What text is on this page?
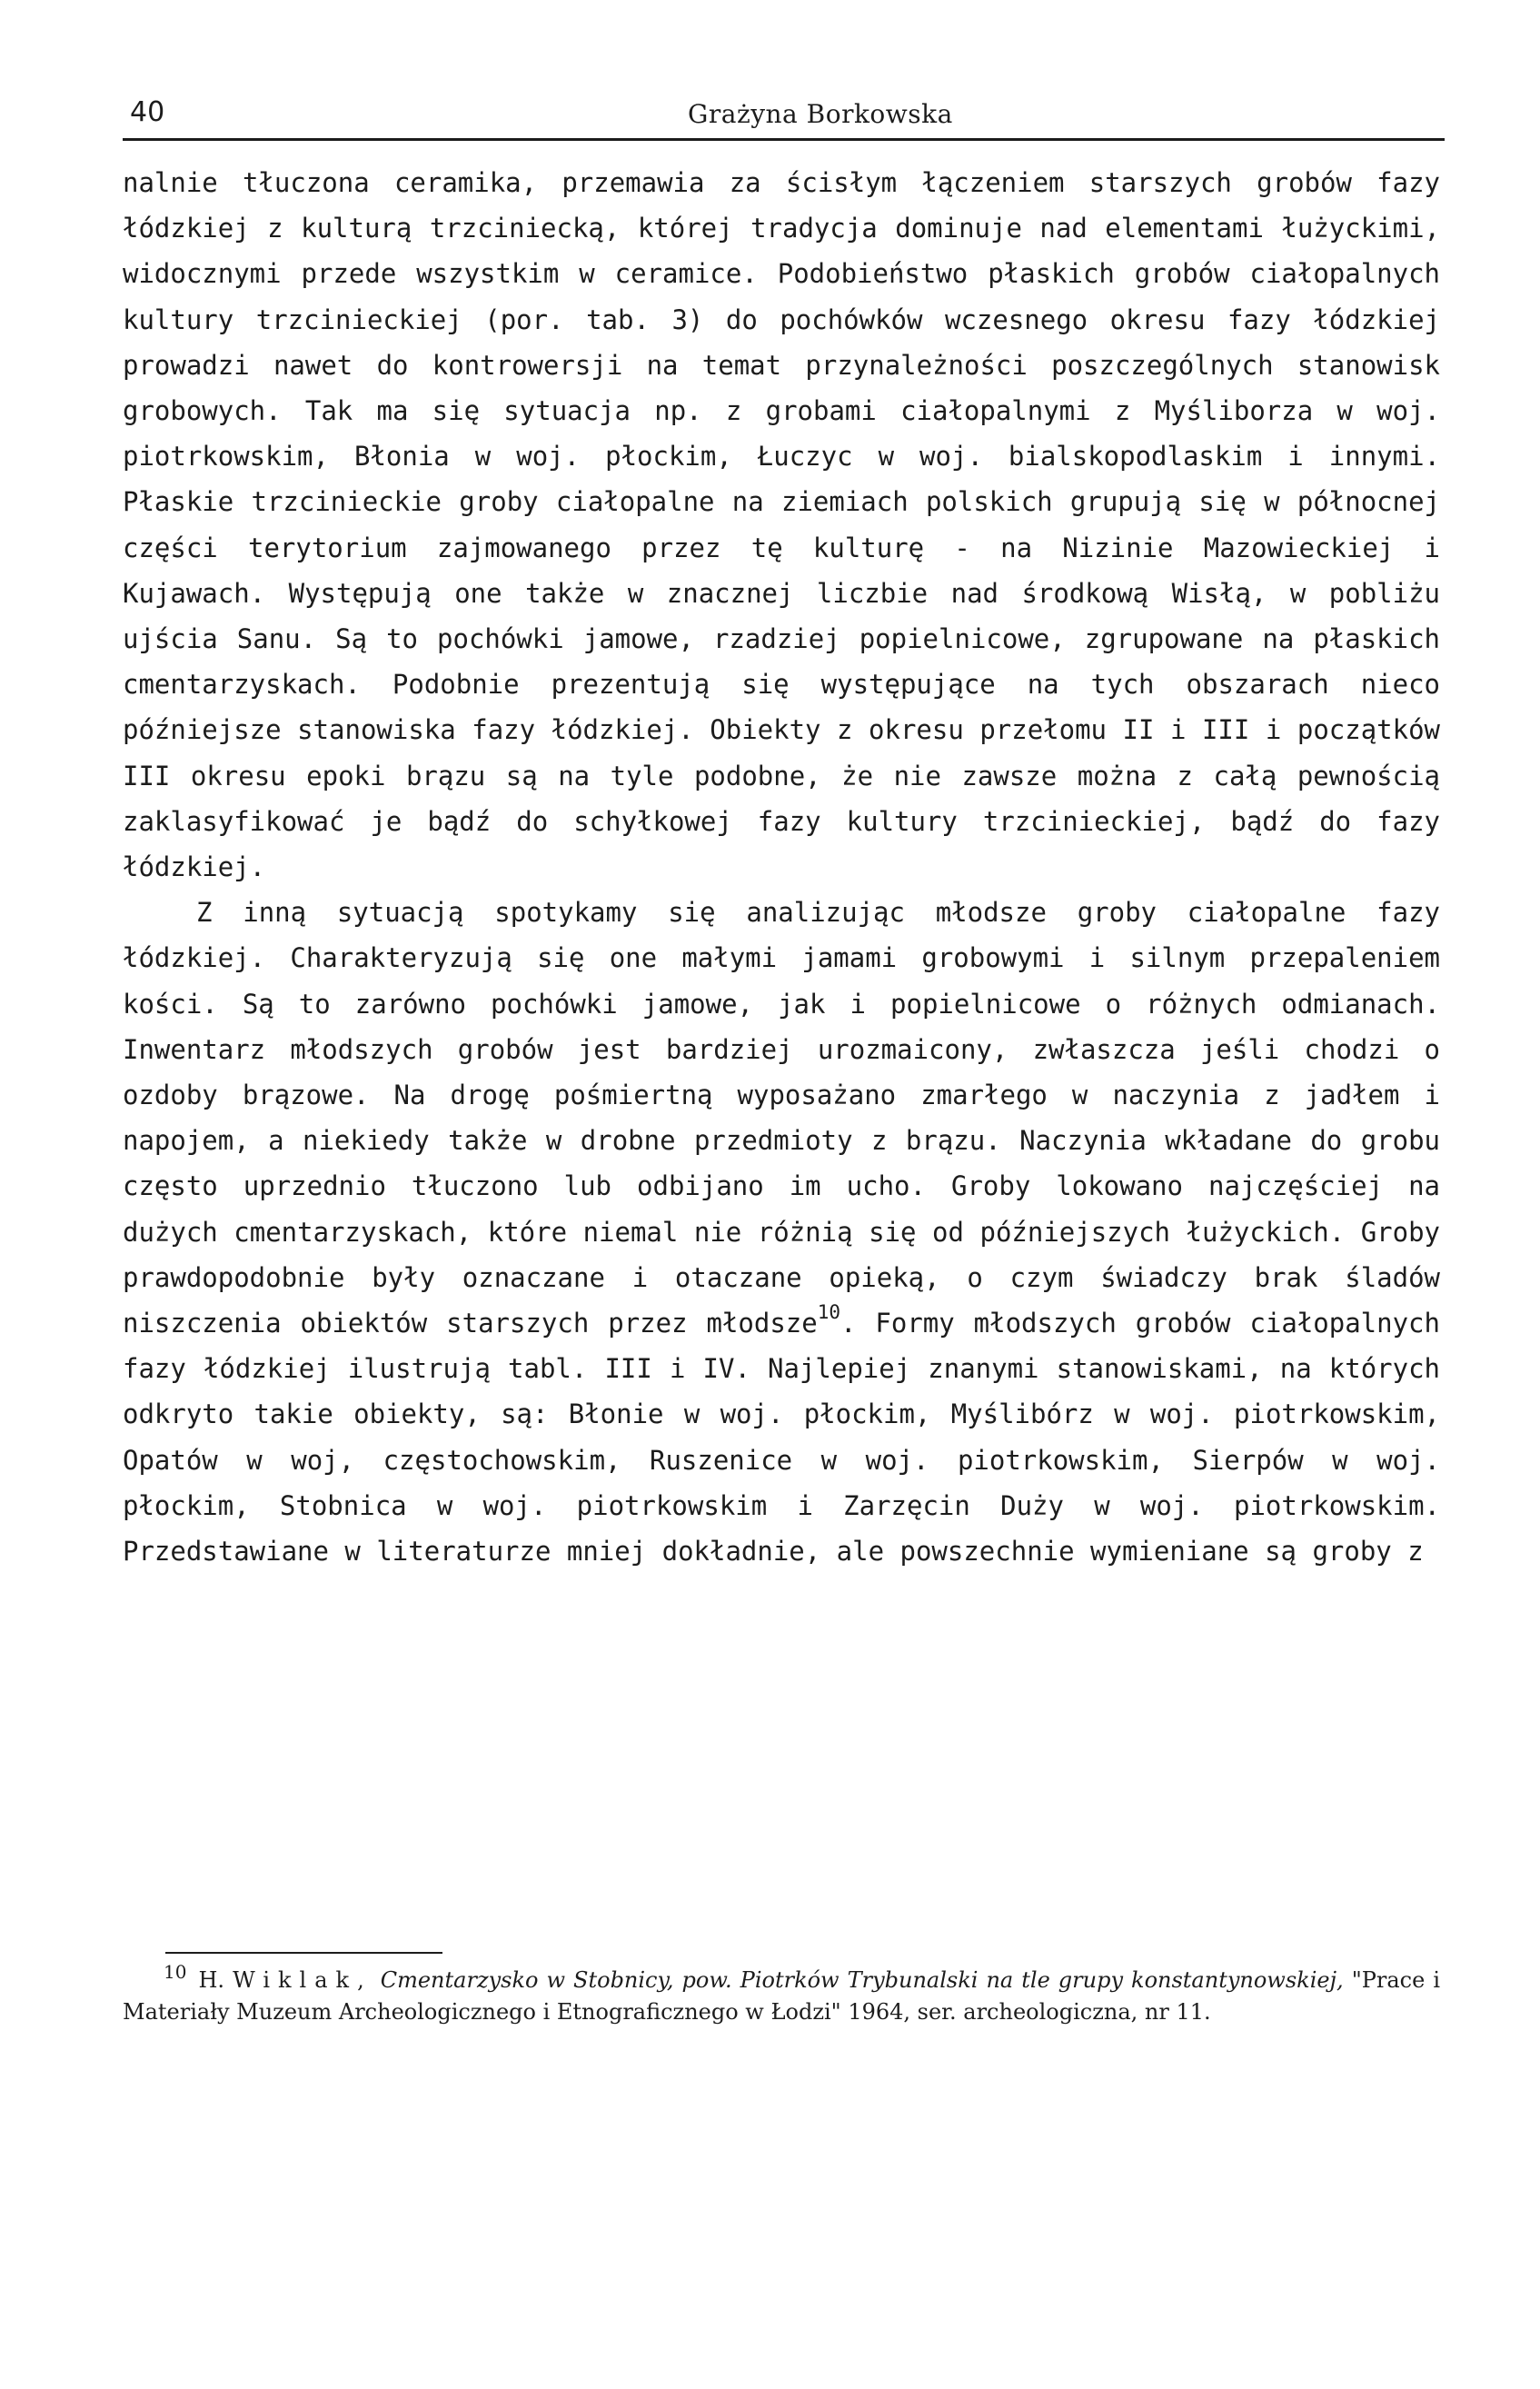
40	Grażyna Borkowska

nalnie tłuczona ceramika, przemawia za ścisłym łączeniem starszych grobów fazy łódzkiej z kulturą trzciniecką, której tradycja dominuje nad elementami łużyckimi, widocznymi przede wszystkim w ceramice. Podobieństwo płaskich grobów ciałopalnych kultury trzcinieckiej (por. tab. 3) do pochówków wczesnego okresu fazy łódzkiej prowadzi nawet do kontrowersji na temat przynależności poszczególnych stanowisk grobowych. Tak ma się sytuacja np. z grobami ciałopalnymi z Myśliborza w woj. piotrkowskim, Błonia w woj. płockim, Łuczyc w woj. bialskopodlaskim i innymi. Płaskie trzcinieckie groby ciałopalne na ziemiach polskich grupują się w północnej części terytorium zajmowanego przez tę kulturę - na Nizinie Mazowieckiej i Kujawach. Występują one także w znacznej liczbie nad środkową Wisłą, w pobliżu ujścia Sanu. Są to pochówki jamowe, rzadziej popielnicowe, zgrupowane na płaskich cmentarzyskach. Podobnie prezentują się występujące na tych obszarach nieco późniejsze stanowiska fazy łódzkiej. Obiekty z okresu przełomu II i III i początków III okresu epoki brązu są na tyle podobne, że nie zawsze można z całą pewnością zaklasyfikować je bądź do schyłkowej fazy kultury trzcinieckiej, bądź do fazy łódzkiej.

Z inną sytuacją spotykamy się analizując młodsze groby ciałopalne fazy łódzkiej. Charakteryzują się one małymi jamami grobowymi i silnym przepaleniem kości. Są to zarówno pochówki jamowe, jak i popielnicowe o różnych odmianach. Inwentarz młodszych grobów jest bardziej urozmaicony, zwłaszcza jeśli chodzi o ozdoby brązowe. Na drogę pośmiertną wyposażano zmarłego w naczynia z jadłem i napojem, a niekiedy także w drobne przedmioty z brązu. Naczynia wkładane do grobu często uprzednio tłuczono lub odbijano im ucho. Groby lokowano najczęściej na dużych cmentarzyskach, które niemal nie różnią się od późniejszych łużyckich. Groby prawdopodobnie były oznaczane i otaczane opieką, o czym świadczy brak śladów niszczenia obiektów starszych przez młodsze$^{10}$. Formy młodszych grobów ciałopalnych fazy łódzkiej ilustrują tabl. III i IV. Najlepiej znanymi stanowiskami, na których odkryto takie obiekty, są: Błonie w woj. płockim, Myślibórz w woj. piotrkowskim, Opatów w woj, częstochowskim, Ruszenice w woj. piotrkowskim, Sierpów w woj. płockim, Stobnica w woj. piotrkowskim i Zarzęcin Duży w woj. piotrkowskim. Przedstawiane w literaturze mniej dokładnie, ale powszechnie wymieniane są groby z

$^{10}$ H. Wiklak, Cmentarzysko w Stobnicy, pow. Piotrków Trybunalski na tle grupy konstantynowskiej, "Prace i Materiały Muzeum Archeologicznego i Etnograficznego w Łodzi" 1964, ser. archeologiczna, nr 11.
